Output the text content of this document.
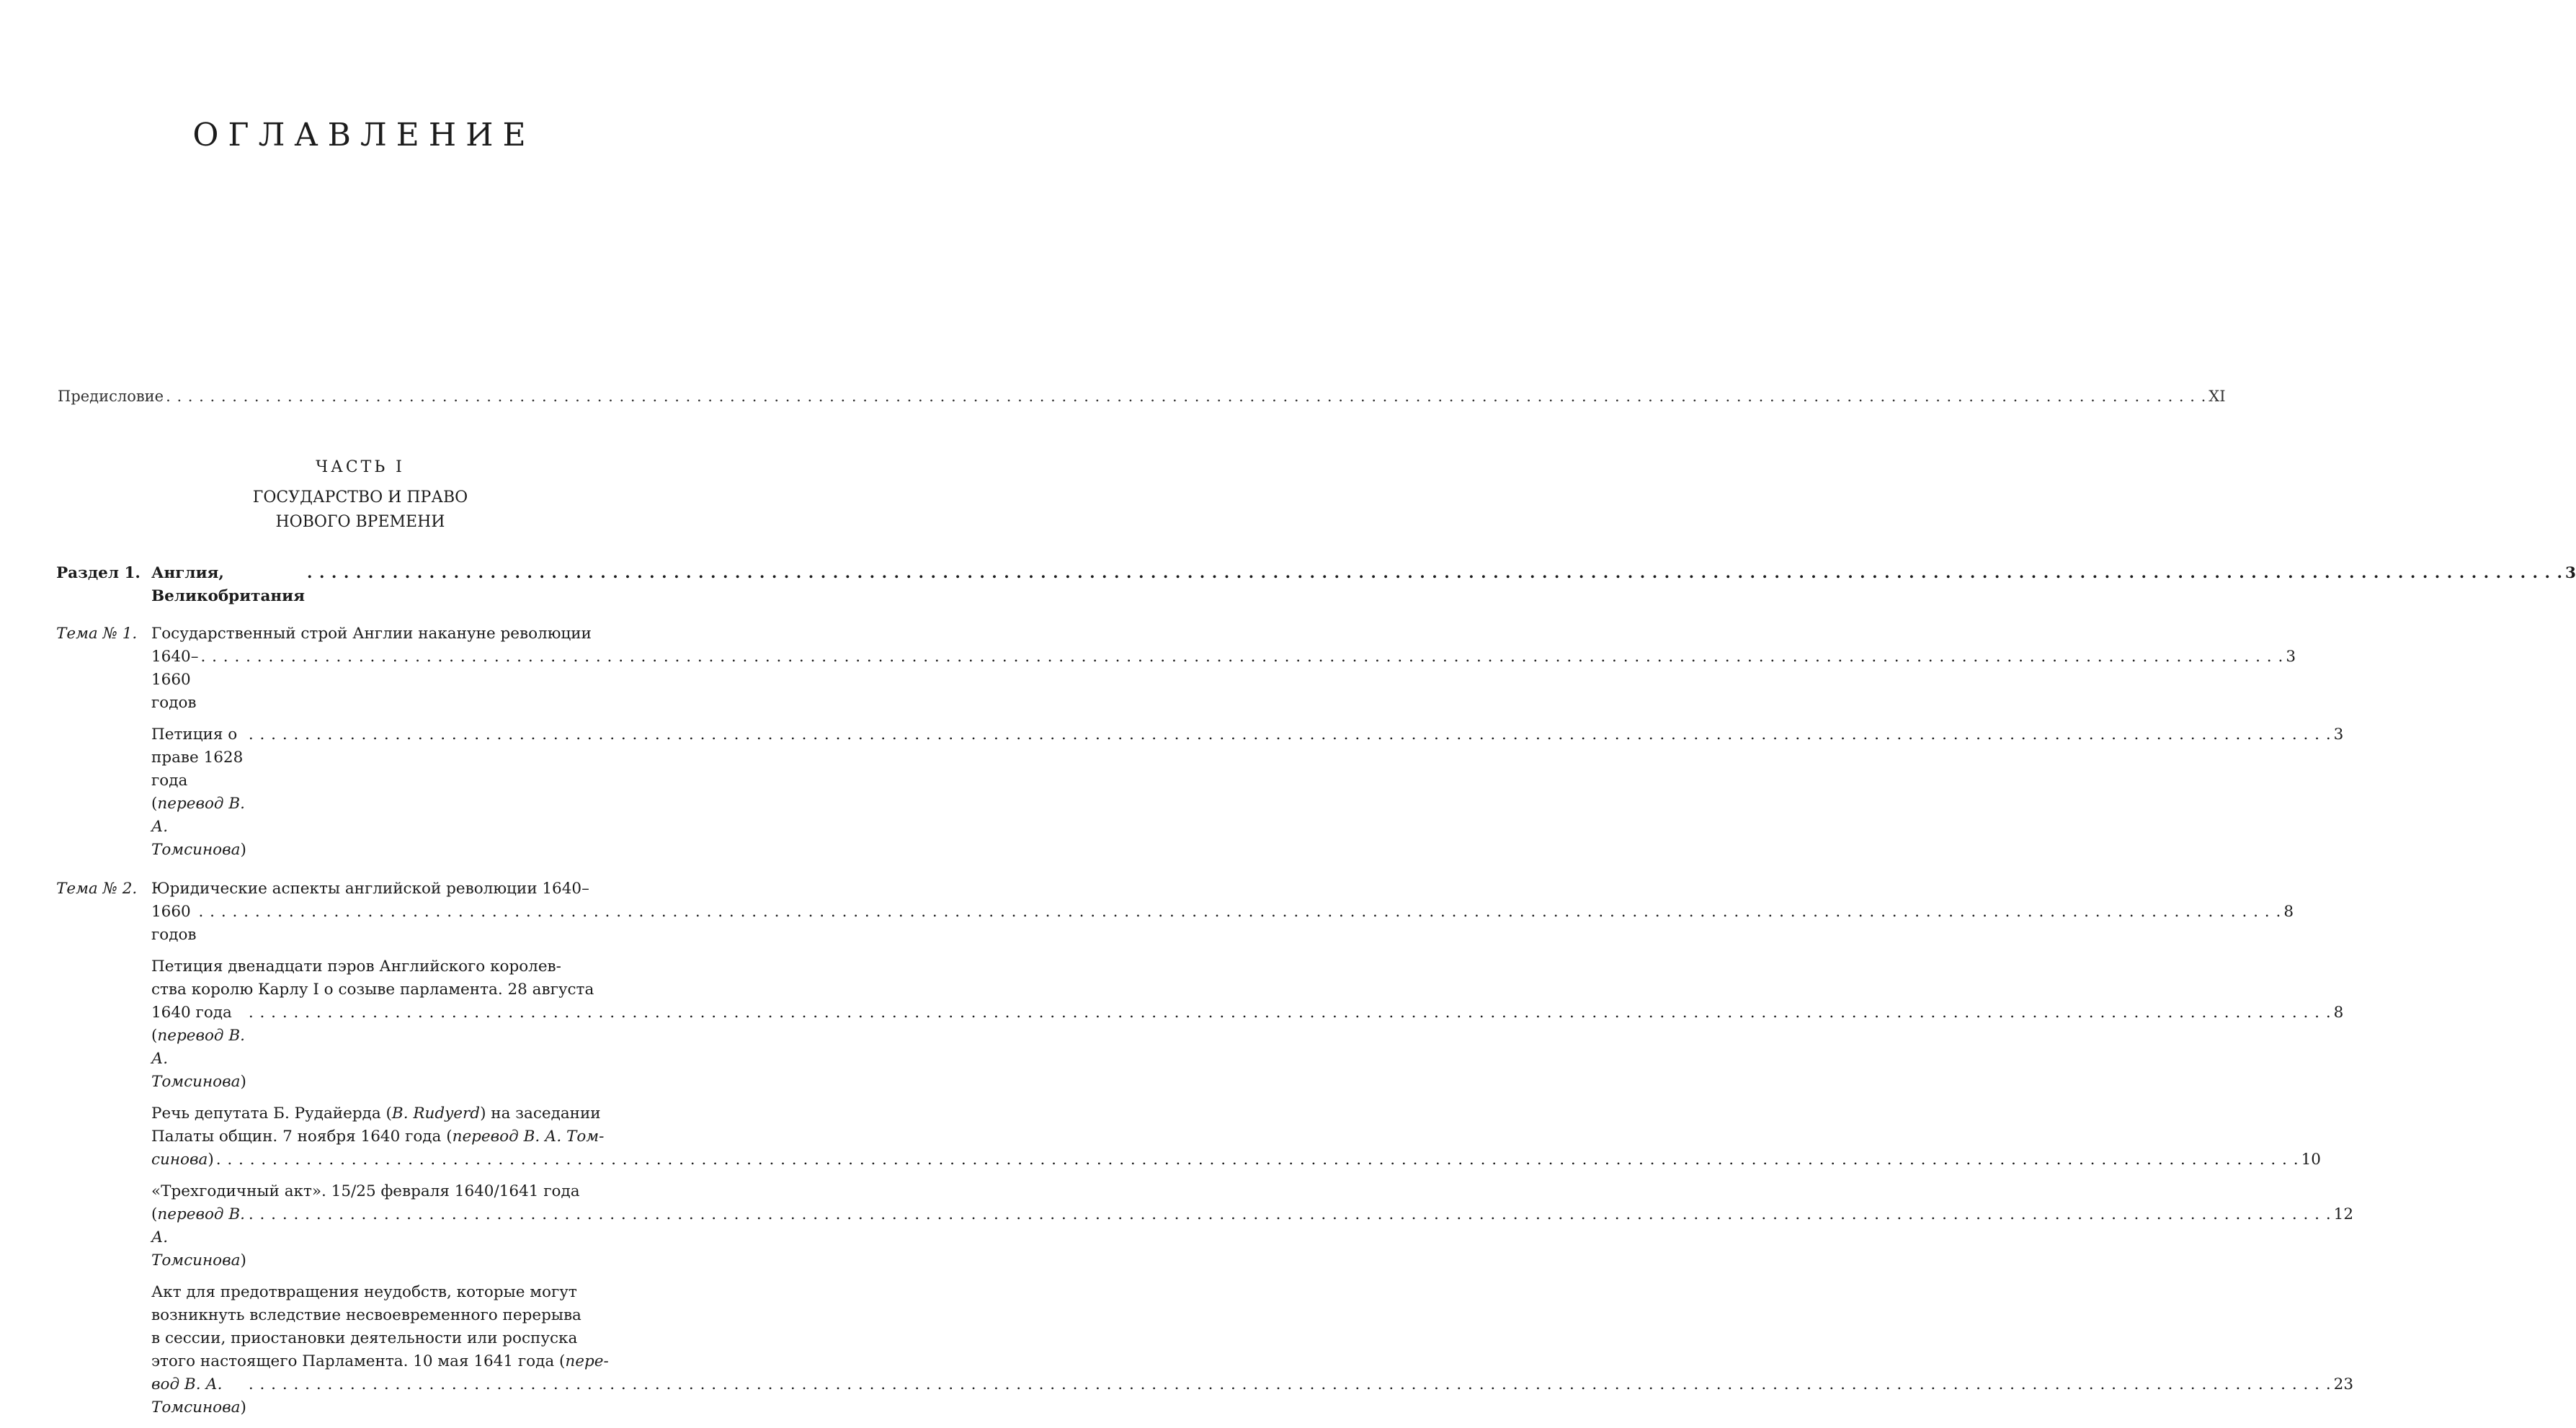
ОГЛАВЛЕНИЕ
Предисловие . . .	XI
ЧАСТЬ I
ГОСУДАРСТВО И ПРАВО
НОВОГО ВРЕМЕНИ
Раздел 1. Англия, Великобритания
. . .
3
Тема № 1. Государственный строй Англии накануне революции
1640–1660 годов
. . .
3
Петиция о праве 1628 года (перевод В. А. Томсинова)
. . .
3
Тема № 2. Юридические аспекты английской революции 1640–
1660 годов
. . .
8
Петиция двенадцати пэров Английского королев-
ства королю Карлу I о созыве парламента. 28 августа
1640 года (перевод В. А. Томсинова)
. . .
8
Речь депутата Б. Рудайерда (B. Rudyerd) на заседании
Палаты общин. 7 ноября 1640 года (перевод В. А. Том-
синова) . . .	10
«Трехгодичный акт». 15/25 февраля 1640/1641 года
(перевод В. А. Томсинова)
. . .
12
Акт для предотвращения неудобств, которые могут
возникнуть вследствие несвоевременного перерыва
в сессии, приостановки деятельности или роспуска
этого настоящего Парламента. 10 мая 1641 года (пере-
вод В. А. Томсинова)
. . .
23
